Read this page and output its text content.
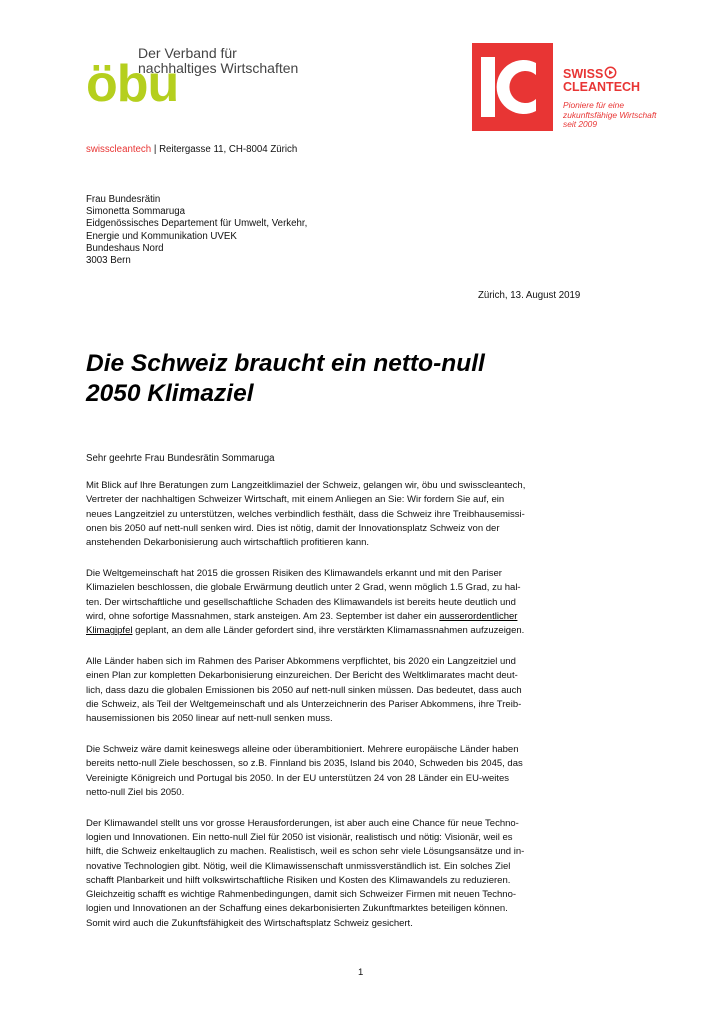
öbu
Der Verband für
nachhaltiges Wirtschaften	SWISS
CLEANTECH
Pioniere für eine
zukunftsfähige Wirtschaft
seit 2009
swisscleantech | Reitergasse 11, CH-8004 Zürich
Frau Bundesrätin
Simonetta Sommaruga
Eidgenössisches Departement für Umwelt, Verkehr,
Energie und Kommunikation UVEK
Bundeshaus Nord
3003 Bern
Zürich, 13. August 2019
Die Schweiz braucht ein netto-null
2050 Klimaziel
Sehr geehrte Frau Bundesrätin Sommaruga
Mit Blick auf Ihre Beratungen zum Langzeitklimaziel der Schweiz, gelangen wir, öbu und swisscleantech,
Vertreter der nachhaltigen Schweizer Wirtschaft, mit einem Anliegen an Sie: Wir fordern Sie auf, ein
neues Langzeitziel zu unterstützen, welches verbindlich festhält, dass die Schweiz ihre Treibhausemissi-
onen bis 2050 auf nett-null senken wird. Dies ist nötig, damit der Innovationsplatz Schweiz von der
anstehenden Dekarbonisierung auch wirtschaftlich profitieren kann.
Die Weltgemeinschaft hat 2015 die grossen Risiken des Klimawandels erkannt und mit den Pariser
Klimazielen beschlossen, die globale Erwärmung deutlich unter 2 Grad, wenn möglich 1.5 Grad, zu hal-
ten. Der wirtschaftliche und gesellschaftliche Schaden des Klimawandels ist bereits heute deutlich und
wird, ohne sofortige Massnahmen, stark ansteigen. Am 23. September ist daher ein ausserordentlicher
Klimagipfel geplant, an dem alle Länder gefordert sind, ihre verstärkten Klimamassnahmen aufzuzeigen.
Alle Länder haben sich im Rahmen des Pariser Abkommens verpflichtet, bis 2020 ein Langzeitziel und
einen Plan zur kompletten Dekarbonisierung einzureichen. Der Bericht des Weltklimarates macht deut-
lich, dass dazu die globalen Emissionen bis 2050 auf nett-null sinken müssen. Das bedeutet, dass auch
die Schweiz, als Teil der Weltgemeinschaft und als Unterzeichnerin des Pariser Abkommens, ihre Treib-
hausemissionen bis 2050 linear auf nett-null senken muss.
Die Schweiz wäre damit keineswegs alleine oder überambitioniert. Mehrere europäische Länder haben
bereits netto-null Ziele beschossen, so z.B. Finnland bis 2035, Island bis 2040, Schweden bis 2045, das
Vereinigte Königreich und Portugal bis 2050. In der EU unterstützen 24 von 28 Länder ein EU-weites
netto-null Ziel bis 2050.
Der Klimawandel stellt uns vor grosse Herausforderungen, ist aber auch eine Chance für neue Techno-
logien und Innovationen. Ein netto-null Ziel für 2050 ist visionär, realistisch und nötig: Visionär, weil es
hilft, die Schweiz enkeltauglich zu machen. Realistisch, weil es schon sehr viele Lösungsansätze und in-
novative Technologien gibt. Nötig, weil die Klimawissenschaft unmissverständlich ist. Ein solches Ziel
schafft Planbarkeit und hilft volkswirtschaftliche Risiken und Kosten des Klimawandels zu reduzieren.
Gleichzeitig schafft es wichtige Rahmenbedingungen, damit sich Schweizer Firmen mit neuen Techno-
logien und Innovationen an der Schaffung eines dekarbonisierten Zukunftmarktes beteiligen können.
Somit wird auch die Zukunftsfähigkeit des Wirtschaftsplatz Schweiz gesichert.
1
